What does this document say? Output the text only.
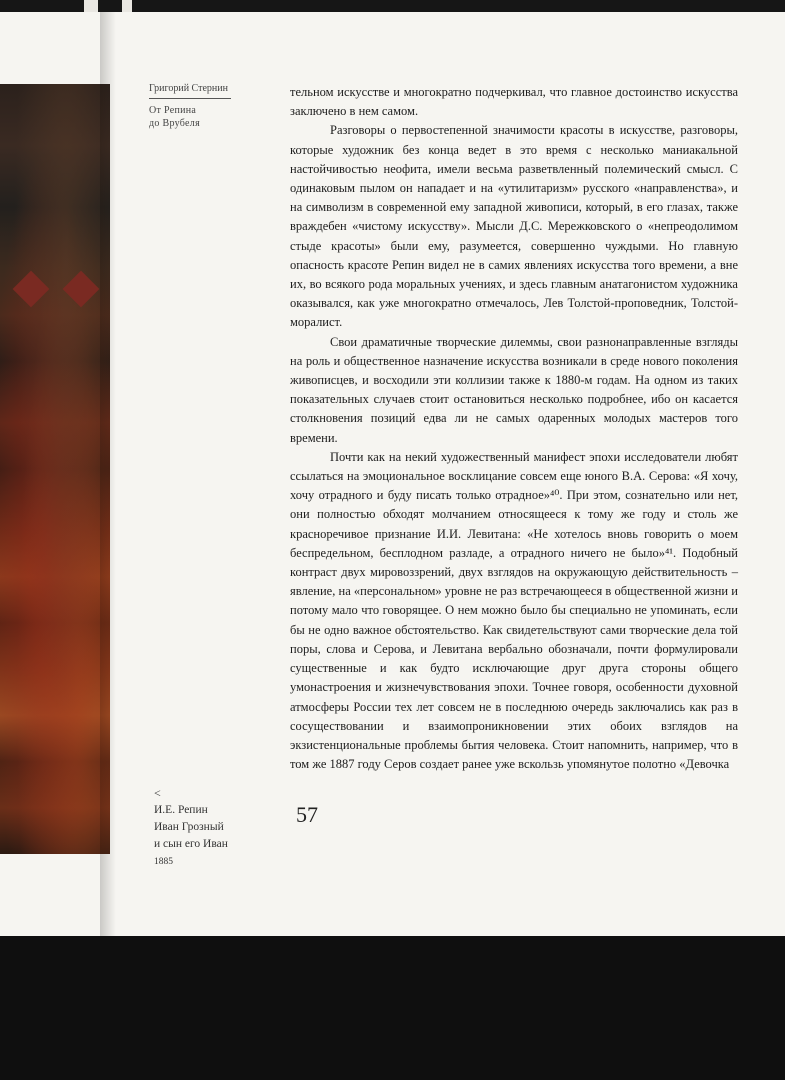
Григорий Стернин
От Репина
до Врубеля

тельном искусстве и многократно подчеркивал, что главное достоинство искусства заключено в нем самом.

Разговоры о первостепенной значимости красоты в искусстве, разговоры, которые художник без конца ведет в это время с несколько маниакальной настойчивостью неофита, имели весьма разветвленный полемический смысл. С одинаковым пылом он нападает и на «утилитаризм» русского «направленства», и на символизм в современной ему западной живописи, который, в его глазах, также враждебен «чистому искусству». Мысли Д.С. Мережковского о «непреодолимом стыде красоты» были ему, разумеется, совершенно чуждыми. Но главную опасность красоте Репин видел не в самих явлениях искусства того времени, а вне их, во всякого рода моральных учениях, и здесь главным анатагонистом художника оказывался, как уже многократно отмечалось, Лев Толстой-проповедник, Толстой-моралист.

Свои драматичные творческие дилеммы, свои разнонаправленные взгляды на роль и общественное назначение искусства возникали в среде нового поколения живописцев, и восходили эти коллизии также к 1880-м годам. На одном из таких показательных случаев стоит остановиться несколько подробнее, ибо он касается столкновения позиций едва ли не самых одаренных молодых мастеров того времени.

Почти как на некий художественный манифест эпохи исследователи любят ссылаться на эмоциональное восклицание совсем еще юного В.А. Серова: «Я хочу, хочу отрадного и буду писать только отрадное»⁴⁰. При этом, сознательно или нет, они полностью обходят молчанием относящееся к тому же году и столь же красноречивое признание И.И. Левитана: «Не хотелось вновь говорить о моем беспредельном, бесплодном разладе, а отрадного ничего не было»⁴¹. Подобный контраст двух мировоззрений, двух взглядов на окружающую действительность – явление, на «персональном» уровне не раз встречающееся в общественной жизни и потому мало что говорящее. О нем можно было бы специально не упоминать, если бы не одно важное обстоятельство. Как свидетельствуют сами творческие дела той поры, слова и Серова, и Левитана вербально обозначали, почти формулировали существенные и как будто исключающие друг друга стороны общего умонастроения и жизнечувствования эпохи. Точнее говоря, особенности духовной атмосферы России тех лет совсем не в последнюю очередь заключались как раз в сосуществовании и взаимопроникновении этих обоих взглядов на экзистенциональные проблемы бытия человека. Стоит напомнить, например, что в том же 1887 году Серов создает ранее уже вскользь упомянутое полотно «Девочка

<
И.Е. Репин
Иван Грозный
и сын его Иван
1885
57
